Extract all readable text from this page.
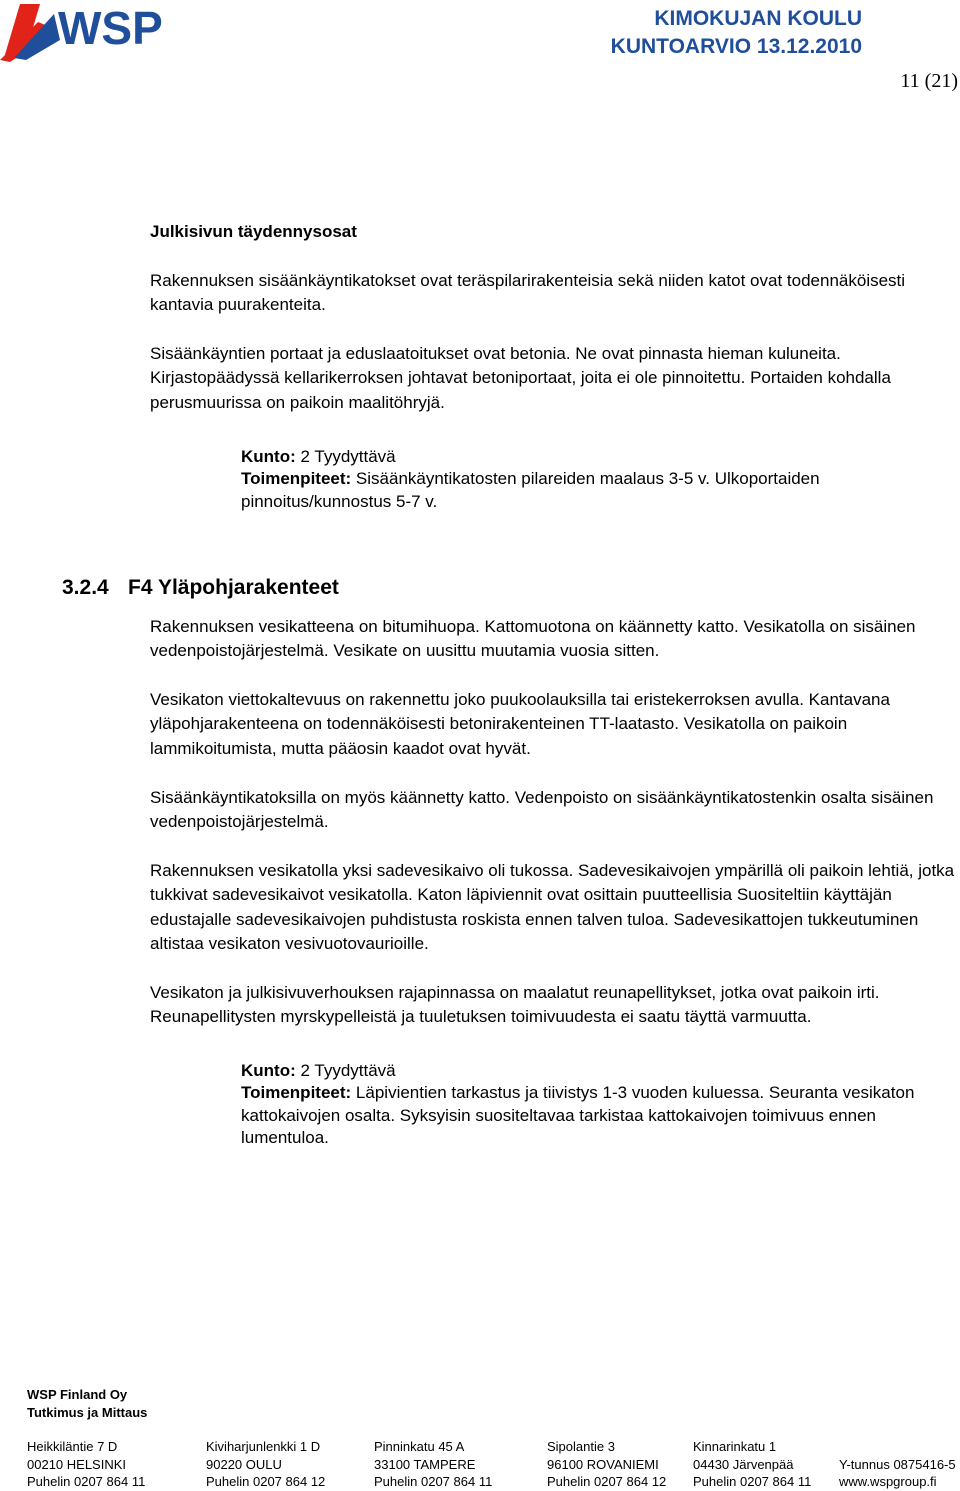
WSP	KIMOKUJAN KOULU
KUNTOARVIO 13.12.2010
11 (21)
Julkisivun täydennysosat
Rakennuksen sisäänkäyntikatokset ovat teräspilarirakenteisia sekä niiden katot ovat todennäköisesti kantavia puurakenteita.
Sisäänkäyntien portaat ja eduslaatoitukset ovat betonia. Ne ovat pinnasta hieman kuluneita. Kirjastopäädyssä kellarikerroksen johtavat betoniportaat, joita ei ole pinnoitettu. Portaiden kohdalla perusmuurissa on paikoin maalitöhryjä.
Kunto: 2 Tyydyttävä
Toimenpiteet: Sisäänkäyntikatosten pilareiden maalaus 3-5 v. Ulkoportaiden pinnoitus/kunnostus 5-7 v.
3.2.4 F4 Yläpohjarakenteet
Rakennuksen vesikatteena on bitumihuopa. Kattomuotona on käännetty katto. Vesikatolla on sisäinen vedenpoistojärjestelmä. Vesikate on uusittu muutamia vuosia sitten.
Vesikaton viettokaltevuus on rakennettu joko puukoolauksilla tai eristekerroksen avulla. Kantavana yläpohjarakenteena on todennäköisesti betonirakenteinen TT-laatasto. Vesikatolla on paikoin lammikoitumista, mutta pääosin kaadot ovat hyvät.
Sisäänkäyntikatoksilla on myös käännetty katto. Vedenpoisto on sisäänkäyntikatostenkin osalta sisäinen vedenpoistojärjestelmä.
Rakennuksen vesikatolla yksi sadevesikaivo oli tukossa. Sadevesikaivojen ympärillä oli paikoin lehtiä, jotka tukkivat sadevesikaivot vesikatolla. Katon läpiviennit ovat osittain puutteellisia Suositeltiin käyttäjän edustajalle sadevesikaivojen puhdistusta roskista ennen talven tuloa. Sadevesikattojen tukkeutuminen altistaa vesikaton vesivuotovaurioille.
Vesikaton ja julkisivuverhouksen rajapinnassa on maalatut reunapellitykset, jotka ovat paikoin irti. Reunapellitysten myrskypelleistä ja tuuletuksen toimivuudesta ei saatu täyttä varmuutta.
Kunto: 2 Tyydyttävä
Toimenpiteet: Läpivientien tarkastus ja tiivistys 1-3 vuoden kuluessa. Seuranta vesikaton kattokaivojen osalta. Syksyisin suositeltavaa tarkistaa kattokaivojen toimivuus ennen lumentuloa.
WSP Finland Oy
Tutkimus ja Mittaus
Heikkiläntie 7 D
00210 HELSINKI
Puhelin 0207 864 11
Kiviharjunlenkki 1 D
90220 OULU
Puhelin 0207 864 12
Pinninkatu 45 A
33100 TAMPERE
Puhelin 0207 864 11
Sipolantie 3
96100 ROVANIEMI
Puhelin 0207 864 12
Kinnarinkatu 1
04430 Järvenpää
Puhelin 0207 864 11

Y-tunnus 0875416-5
www.wspgroup.fi
